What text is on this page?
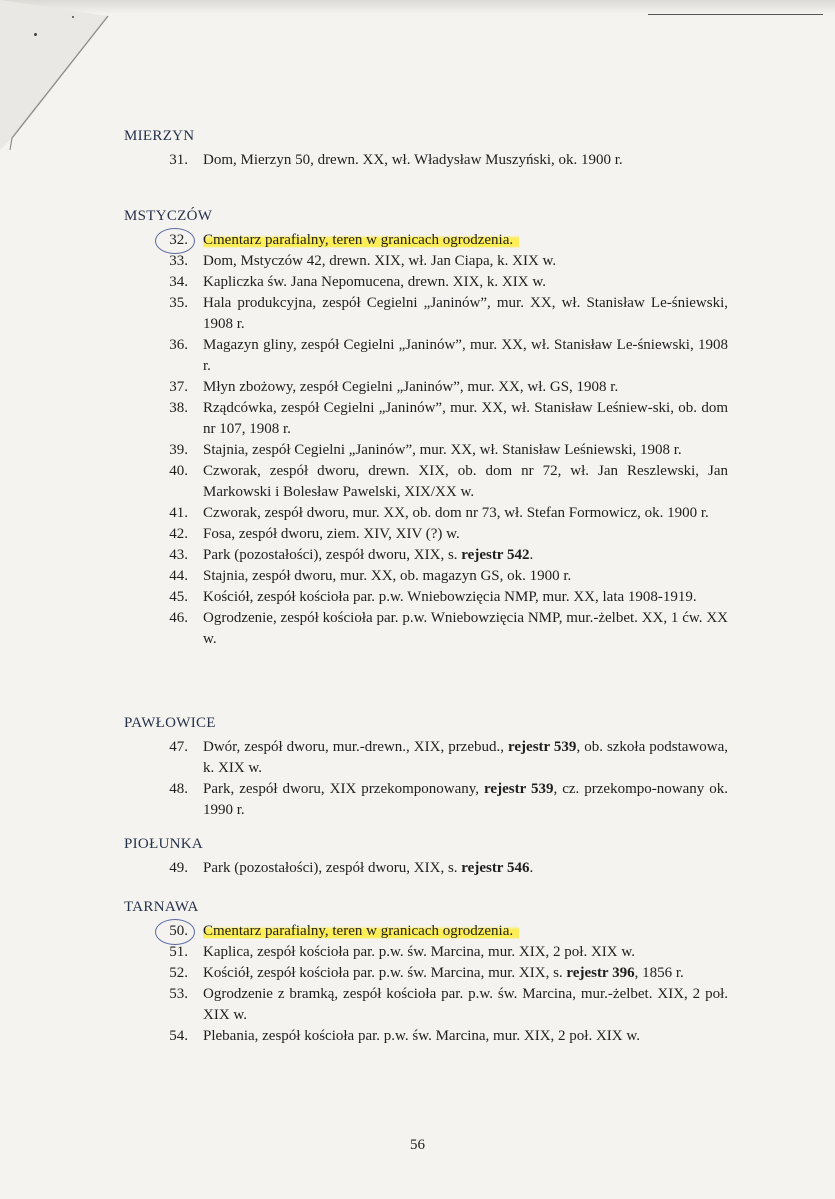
MIERZYN
31. Dom, Mierzyn 50, drewn. XX, wł. Władysław Muszyński, ok. 1900 r.
MSTYCZÓW
32. Cmentarz parafialny, teren w granicach ogrodzenia.
33. Dom, Mstyczów 42, drewn. XIX, wł. Jan Ciapa, k. XIX w.
34. Kapliczka św. Jana Nepomucena, drewn. XIX, k. XIX w.
35. Hala produkcyjna, zespół Cegielni „Janinów”, mur. XX, wł. Stanisław Le-śniewski, 1908 r.
36. Magazyn gliny, zespół Cegielni „Janinów”, mur. XX, wł. Stanisław Le-śniewski, 1908 r.
37. Młyn zbożowy, zespół Cegielni „Janinów”, mur. XX, wł. GS, 1908 r.
38. Rządcówka, zespół Cegielni „Janinów”, mur. XX, wł. Stanisław Leśniew-ski, ob. dom nr 107, 1908 r.
39. Stajnia, zespół Cegielni „Janinów”, mur. XX, wł. Stanisław Leśniewski, 1908 r.
40. Czworak, zespół dworu, drewn. XIX, ob. dom nr 72, wł. Jan Reszlewski, Jan Markowski i Bolesław Pawelski, XIX/XX w.
41. Czworak, zespół dworu, mur. XX, ob. dom nr 73, wł. Stefan Formowicz, ok. 1900 r.
42. Fosa, zespół dworu, ziem. XIV, XIV (?) w.
43. Park (pozostałości), zespół dworu, XIX, s. rejestr 542.
44. Stajnia, zespół dworu, mur. XX, ob. magazyn GS, ok. 1900 r.
45. Kościół, zespół kościoła par. p.w. Wniebowzięcia NMP, mur. XX, lata 1908-1919.
46. Ogrodzenie, zespół kościoła par. p.w. Wniebowzięcia NMP, mur.-żelbet. XX, 1 ćw. XX w.
PAWŁOWICE
47. Dwór, zespół dworu, mur.-drewn., XIX, przebud., rejestr 539, ob. szkoła podstawowa, k. XIX w.
48. Park, zespół dworu, XIX przekomponowany, rejestr 539, cz. przekompo-nowany ok. 1990 r.
PIOŁUNKA
49. Park (pozostałości), zespół dworu, XIX, s. rejestr 546.
TARNAWA
50. Cmentarz parafialny, teren w granicach ogrodzenia.
51. Kaplica, zespół kościoła par. p.w. św. Marcina, mur. XIX, 2 poł. XIX w.
52. Kościół, zespół kościoła par. p.w. św. Marcina, mur. XIX, s. rejestr 396, 1856 r.
53. Ogrodzenie z bramką, zespół kościoła par. p.w. św. Marcina, mur.-żelbet. XIX, 2 poł. XIX w.
54. Plebania, zespół kościoła par. p.w. św. Marcina, mur. XIX, 2 poł. XIX w.
56
